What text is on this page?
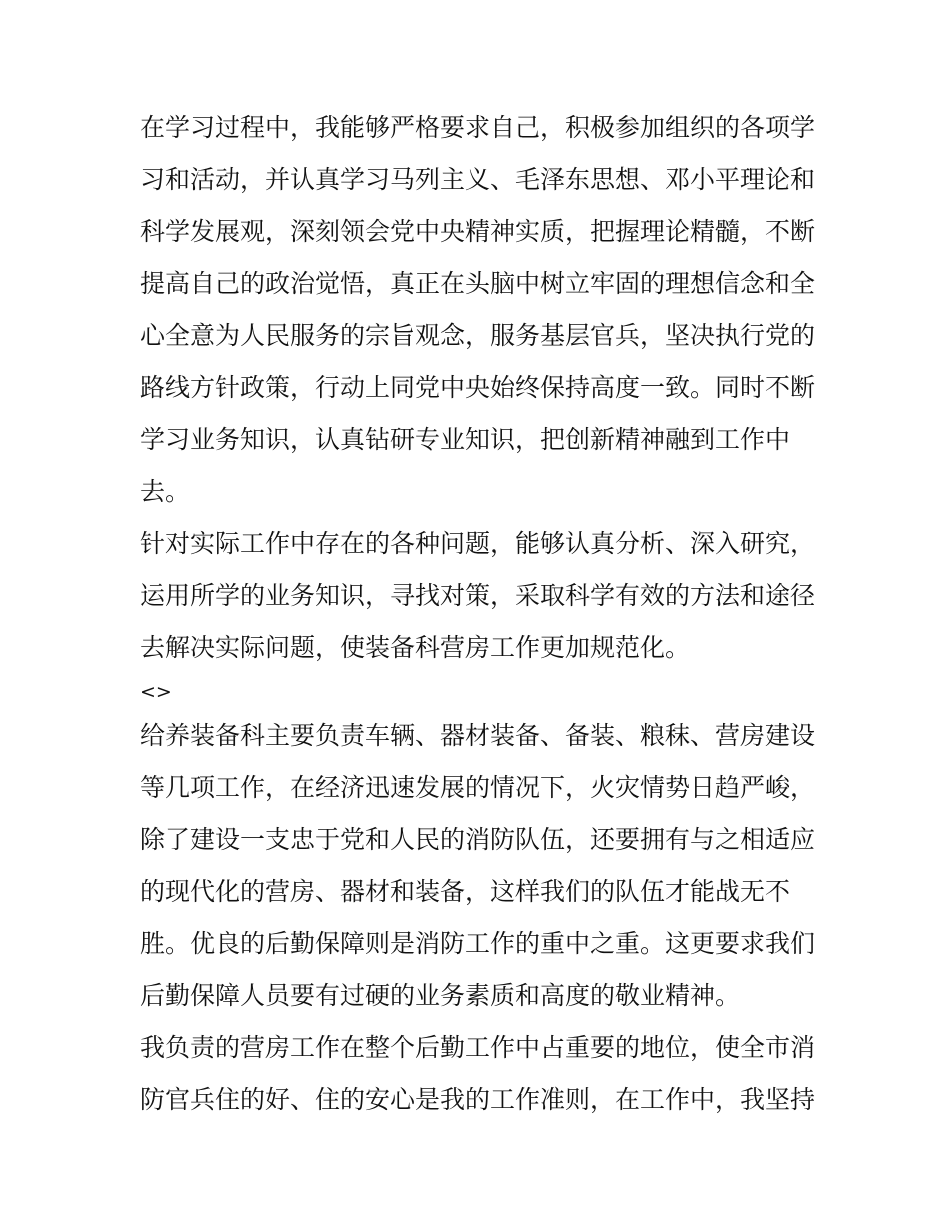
在学习过程中，我能够严格要求自己，积极参加组织的各项学
习和活动，并认真学习马列主义、毛泽东思想、邓小平理论和
科学发展观，深刻领会党中央精神实质，把握理论精髓，不断
提高自己的政治觉悟，真正在头脑中树立牢固的理想信念和全
心全意为人民服务的宗旨观念，服务基层官兵，坚决执行党的
路线方针政策，行动上同党中央始终保持高度一致。同时不断
学习业务知识，认真钻研专业知识，把创新精神融到工作中
去。
针对实际工作中存在的各种问题，能够认真分析、深入研究，
运用所学的业务知识，寻找对策，采取科学有效的方法和途径
去解决实际问题，使装备科营房工作更加规范化。
<>
给养装备科主要负责车辆、器材装备、备装、粮秣、营房建设
等几项工作，在经济迅速发展的情况下，火灾情势日趋严峻，
除了建设一支忠于党和人民的消防队伍，还要拥有与之相适应
的现代化的营房、器材和装备，这样我们的队伍才能战无不
胜。优良的后勤保障则是消防工作的重中之重。这更要求我们
后勤保障人员要有过硬的业务素质和高度的敬业精神。
我负责的营房工作在整个后勤工作中占重要的地位，使全市消
防官兵住的好、住的安心是我的工作准则，在工作中，我坚持
